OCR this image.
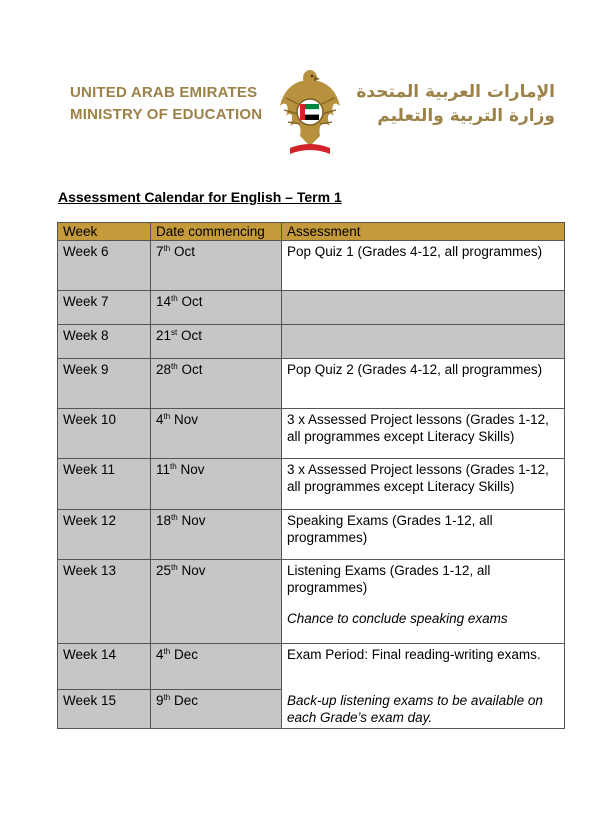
UNITED ARAB EMIRATES
MINISTRY OF EDUCATION
الإمارات العربية المتحدة
وزارة التربية والتعليم
Assessment Calendar for English – Term 1
Week	Date commencing	Assessment
Week 6	7th Oct	Pop Quiz 1 (Grades 4-12, all programmes)
Week 7	14th Oct	
Week 8	21st Oct	
Week 9	28th Oct	Pop Quiz 2 (Grades 4-12, all programmes)
Week 10	4th Nov	3 x Assessed Project lessons (Grades 1-12, all programmes except Literacy Skills)
Week 11	11th Nov	3 x Assessed Project lessons (Grades 1-12, all programmes except Literacy Skills)
Week 12	18th Nov	Speaking Exams (Grades 1-12, all programmes)
Week 13	25th Nov	Listening Exams (Grades 1-12, all programmes)
Chance to conclude speaking exams

Week 14	4th Dec	Exam Period: Final reading-writing exams.
Week 15	9th Dec	Back-up listening exams to be available on each Grade’s exam day.
